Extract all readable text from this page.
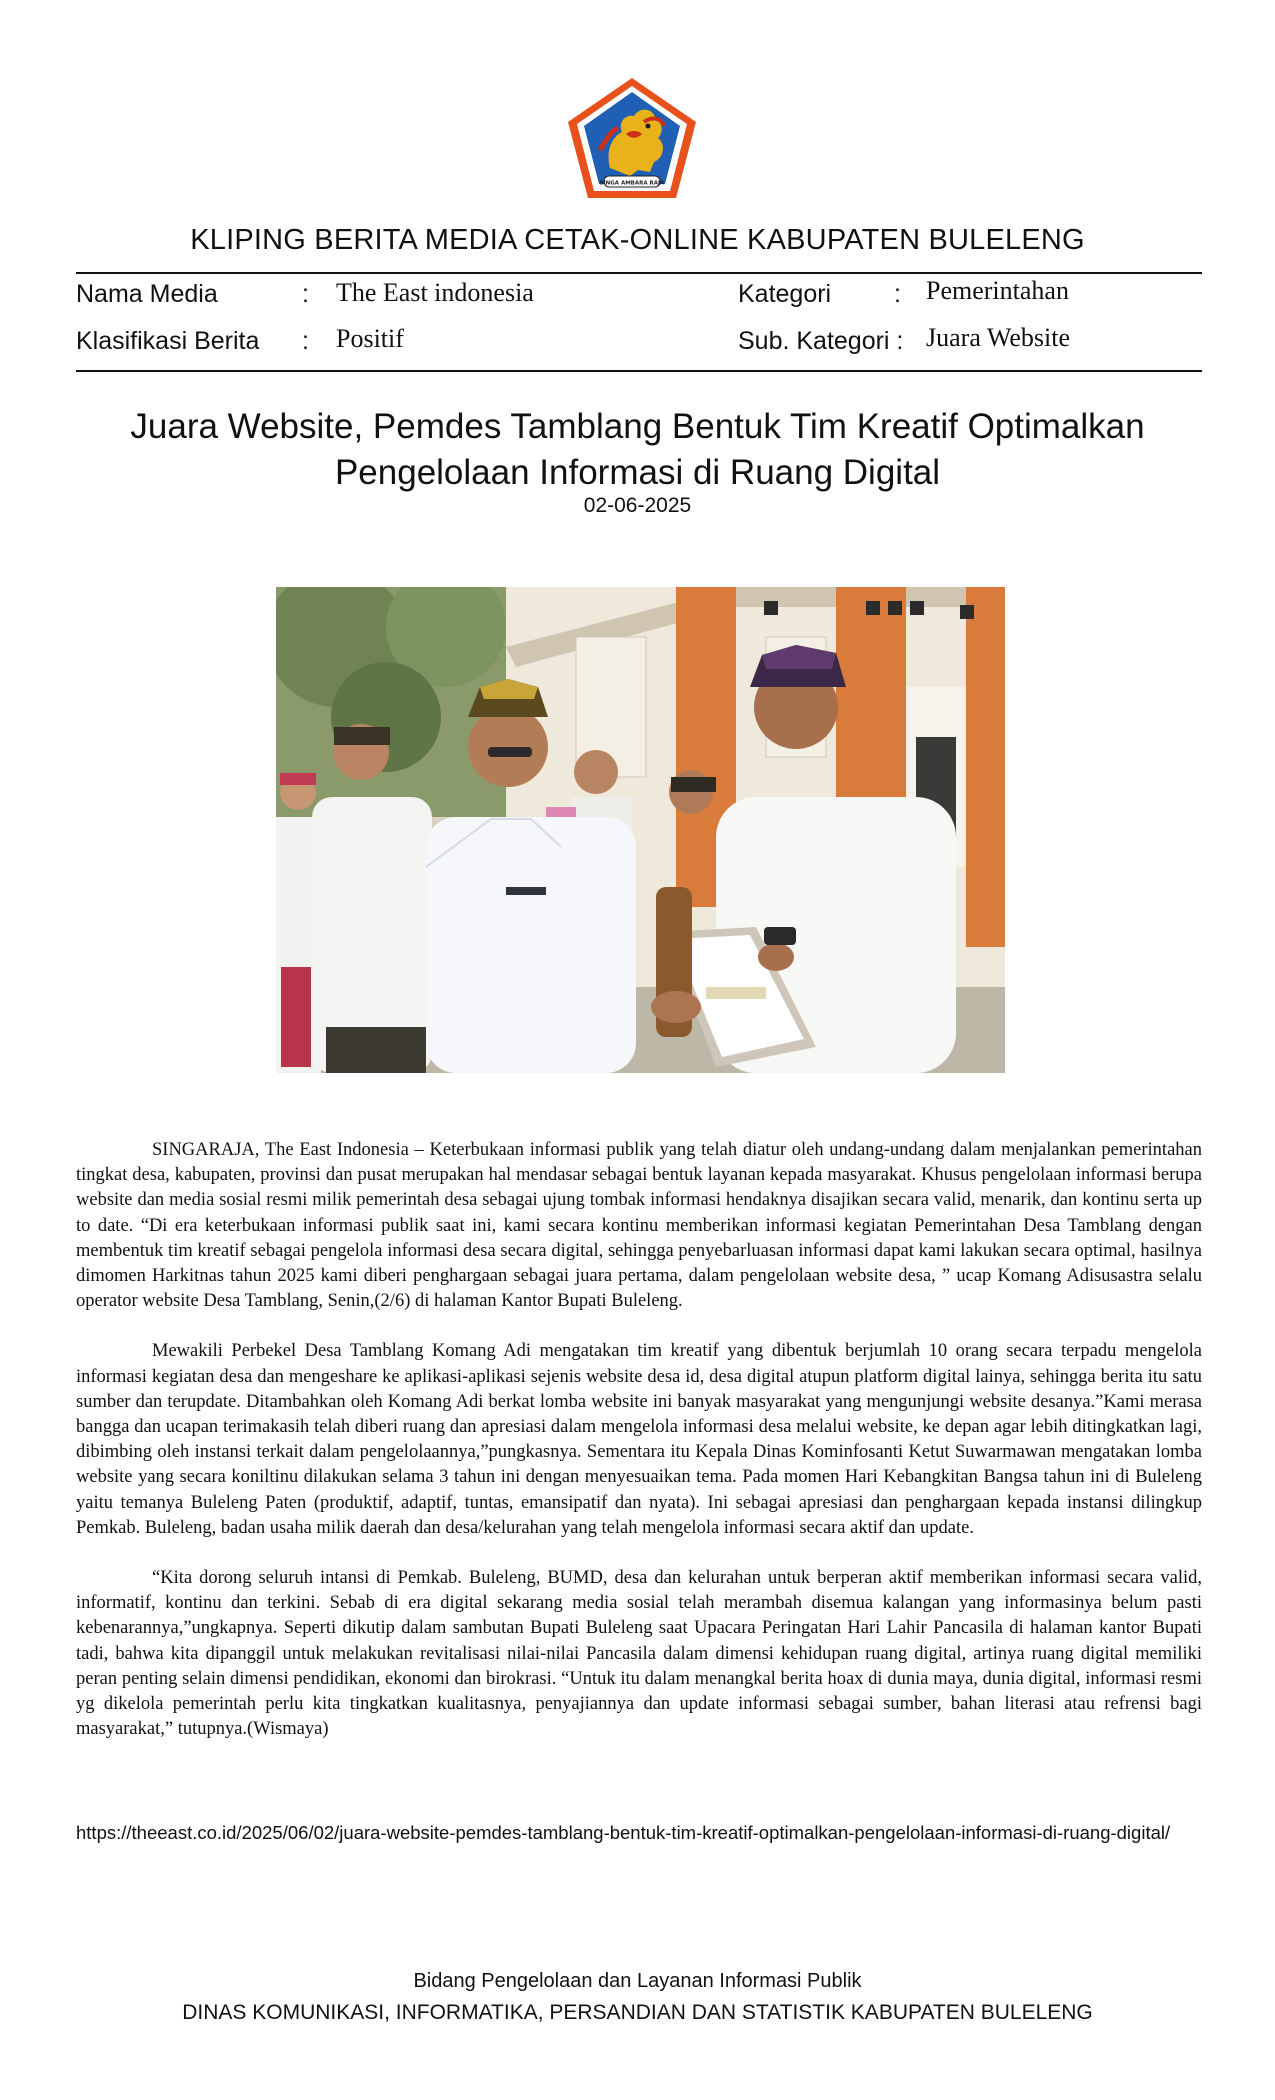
SINGA AMBARA RAJA
KLIPING BERITA MEDIA CETAK-ONLINE KABUPATEN BULELENG
Nama Media	: The East indonesia	Kategori	: Pemerintahan
Klasifikasi Berita : Positif	Sub. Kategori : Juara Website
Juara Website, Pemdes Tamblang Bentuk Tim Kreatif Optimalkan Pengelolaan Informasi di Ruang Digital
02-06-2025

SINGARAJA, The East Indonesia – Keterbukaan informasi publik yang telah diatur oleh undang-undang dalam menjalankan pemerintahan tingkat desa, kabupaten, provinsi dan pusat merupakan hal mendasar sebagai bentuk layanan kepada masyarakat. Khusus pengelolaan informasi berupa website dan media sosial resmi milik pemerintah desa sebagai ujung tombak informasi hendaknya disajikan secara valid, menarik, dan kontinu serta up to date. “Di era keterbukaan informasi publik saat ini, kami secara kontinu memberikan informasi kegiatan Pemerintahan Desa Tamblang dengan membentuk tim kreatif sebagai pengelola informasi desa secara digital, sehingga penyebarluasan informasi dapat kami lakukan secara optimal, hasilnya dimomen Harkitnas tahun 2025 kami diberi penghargaan sebagai juara pertama, dalam pengelolaan website desa, ” ucap Komang Adisusastra selalu operator website Desa Tamblang, Senin,(2/6) di halaman Kantor Bupati Buleleng.

Mewakili Perbekel Desa Tamblang Komang Adi mengatakan tim kreatif yang dibentuk berjumlah 10 orang secara terpadu mengelola informasi kegiatan desa dan mengeshare ke aplikasi-aplikasi sejenis website desa id, desa digital atupun platform digital lainya, sehingga berita itu satu sumber dan terupdate. Ditambahkan oleh Komang Adi berkat lomba website ini banyak masyarakat yang mengunjungi website desanya.”Kami merasa bangga dan ucapan terimakasih telah diberi ruang dan apresiasi dalam mengelola informasi desa melalui website, ke depan agar lebih ditingkatkan lagi, dibimbing oleh instansi terkait dalam pengelolaannya,”pungkasnya. Sementara itu Kepala Dinas Kominfosanti Ketut Suwarmawan mengatakan lomba website yang secara koniltinu dilakukan selama 3 tahun ini dengan menyesuaikan tema. Pada momen Hari Kebangkitan Bangsa tahun ini di Buleleng yaitu temanya Buleleng Paten (produktif, adaptif, tuntas, emansipatif dan nyata). Ini sebagai apresiasi dan penghargaan kepada instansi dilingkup Pemkab. Buleleng, badan usaha milik daerah dan desa/kelurahan yang telah mengelola informasi secara aktif dan update.

“Kita dorong seluruh intansi di Pemkab. Buleleng, BUMD, desa dan kelurahan untuk berperan aktif memberikan informasi secara valid, informatif, kontinu dan terkini. Sebab di era digital sekarang media sosial telah merambah disemua kalangan yang informasinya belum pasti kebenarannya,”ungkapnya. Seperti dikutip dalam sambutan Bupati Buleleng saat Upacara Peringatan Hari Lahir Pancasila di halaman kantor Bupati tadi, bahwa kita dipanggil untuk melakukan revitalisasi nilai-nilai Pancasila dalam dimensi kehidupan ruang digital, artinya ruang digital memiliki peran penting selain dimensi pendidikan, ekonomi dan birokrasi. “Untuk itu dalam menangkal berita hoax di dunia maya, dunia digital, informasi resmi yg dikelola pemerintah perlu kita tingkatkan kualitasnya, penyajiannya dan update informasi sebagai sumber, bahan literasi atau refrensi bagi masyarakat,” tutupnya.(Wismaya)

https://theeast.co.id/2025/06/02/juara-website-pemdes-tamblang-bentuk-tim-kreatif-optimalkan-pengelolaan-informasi-di-ruang-digital/
Bidang Pengelolaan dan Layanan Informasi Publik
DINAS KOMUNIKASI, INFORMATIKA, PERSANDIAN DAN STATISTIK KABUPATEN BULELENG
